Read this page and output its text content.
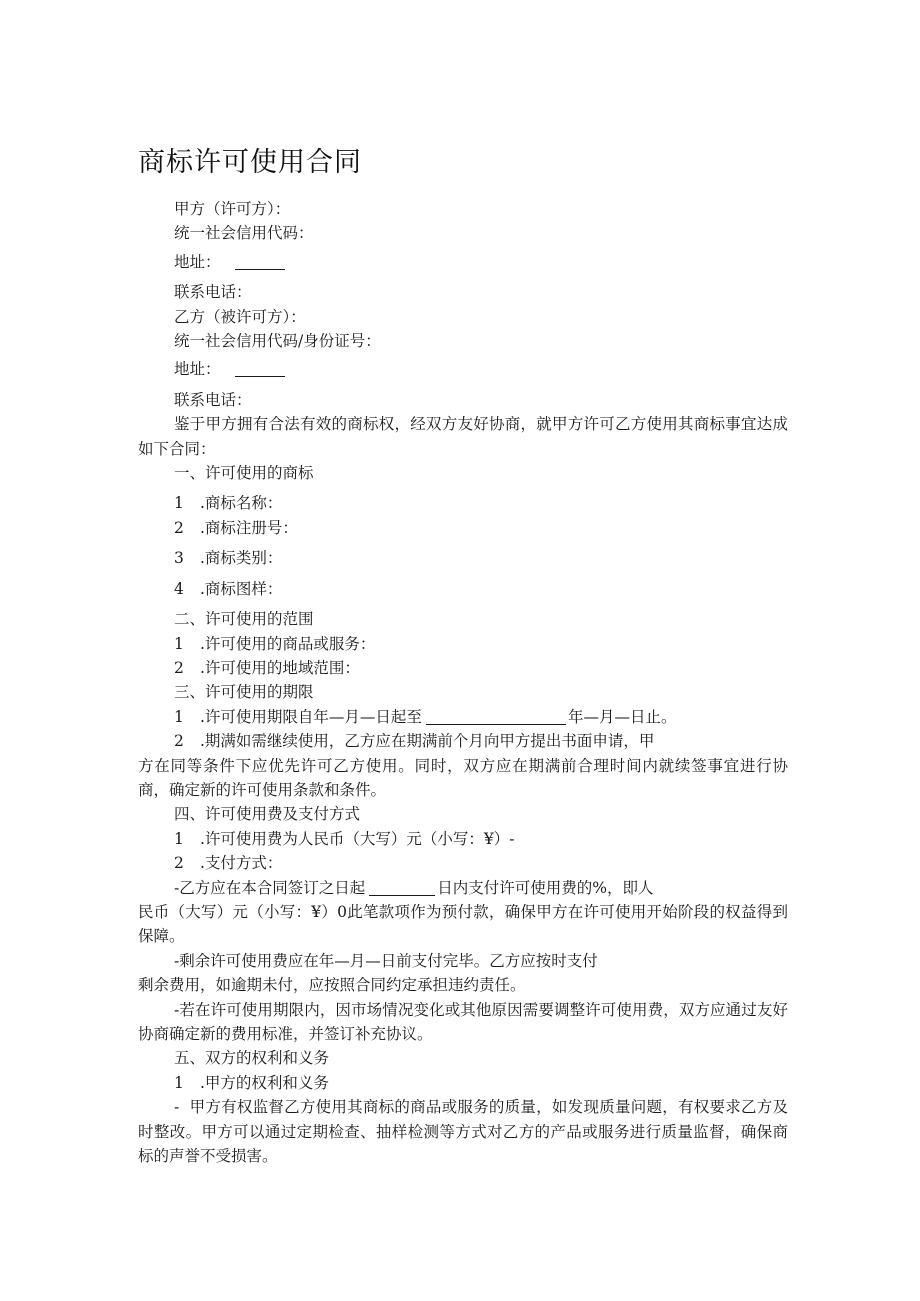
商标许可使用合同

甲方（许可方）：

统一社会信用代码：

地址：

联系电话：

乙方（被许可方）：

统一社会信用代码/身份证号：

地址：

联系电话：

鉴于甲方拥有合法有效的商标权，经双方友好协商，就甲方许可乙方使用其商标事宜达成如下合同：

一、许可使用的商标

1 .商标名称：

2 .商标注册号：

3 .商标类别：

4 .商标图样：

二、许可使用的范围

1 .许可使用的商品或服务：

2 .许可使用的地域范围：

三、许可使用的期限

1 .许可使用期限自年—月—日起至	年—月—日止。

2 .期满如需继续使用，乙方应在期满前个月向甲方提出书面申请，甲

方在同等条件下应优先许可乙方使用。同时，双方应在期满前合理时间内就续签事宜进行协商，确定新的许可使用条款和条件。

四、许可使用费及支付方式

1 .许可使用费为人民币（大写）元（小写：¥）-

2 .支付方式：

-乙方应在本合同签订之日起	日内支付许可使用费的%，即人

民币（大写）元（小写：¥）0此笔款项作为预付款，确保甲方在许可使用开始阶段的权益得到保障。

-剩余许可使用费应在年—月—日前支付完毕。乙方应按时支付

剩余费用，如逾期未付，应按照合同约定承担违约责任。

-若在许可使用期限内，因市场情况变化或其他原因需要调整许可使用费，双方应通过友好协商确定新的费用标准，并签订补充协议。

五、双方的权利和义务

1 .甲方的权利和义务

-  甲方有权监督乙方使用其商标的商品或服务的质量，如发现质量问题，有权要求乙方及时整改。甲方可以通过定期检查、抽样检测等方式对乙方的产品或服务进行质量监督，确保商标的声誉不受损害。
